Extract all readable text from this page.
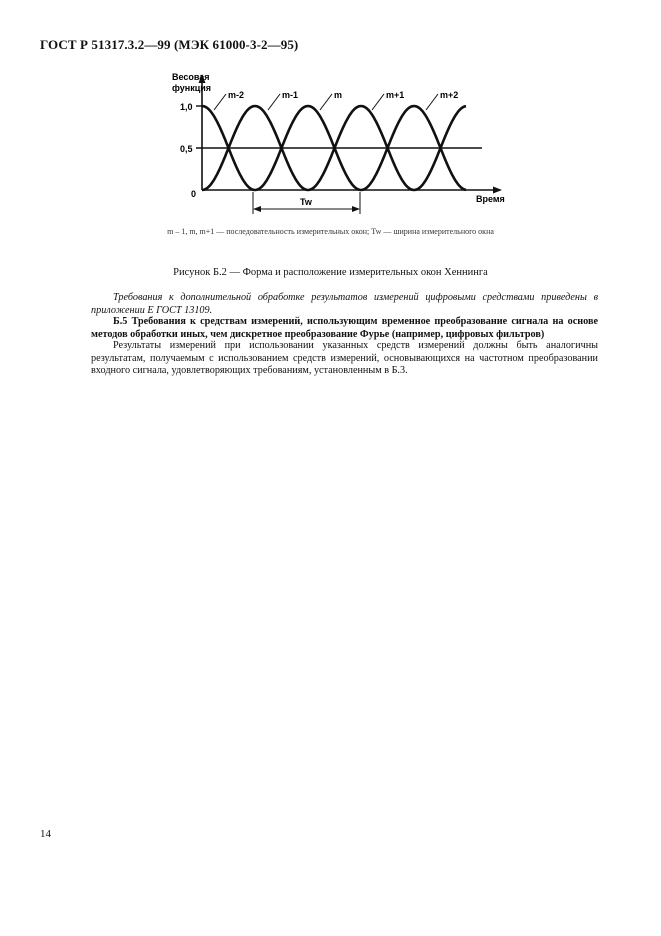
ГОСТ Р 51317.3.2—99 (МЭК 61000-3-2—95)
Весовая
функция
1,0
0,5
0	Время
m-2	m-1	m	m+1	m+2
Tw
m – 1, m, m+1 — последовательность измерительных окон; Tw — ширина измерительного окна
Рисунок Б.2 — Форма и расположение измерительных окон Хеннинга

Требования к дополнительной обработке результатов измерений цифровыми средствами приведены в приложении Е ГОСТ 13109.

Б.5 Требования к средствам измерений, использующим временное преобразование сигнала на основе методов обработки иных, чем дискретное преобразование Фурье (например, цифровых фильтров)

Результаты измерений при использовании указанных средств измерений должны быть аналогичны результатам, получаемым с использованием средств измерений, основывающихся на частотном преобразовании входного сигнала, удовлетворяющих требованиям, установленным в Б.3.

14
